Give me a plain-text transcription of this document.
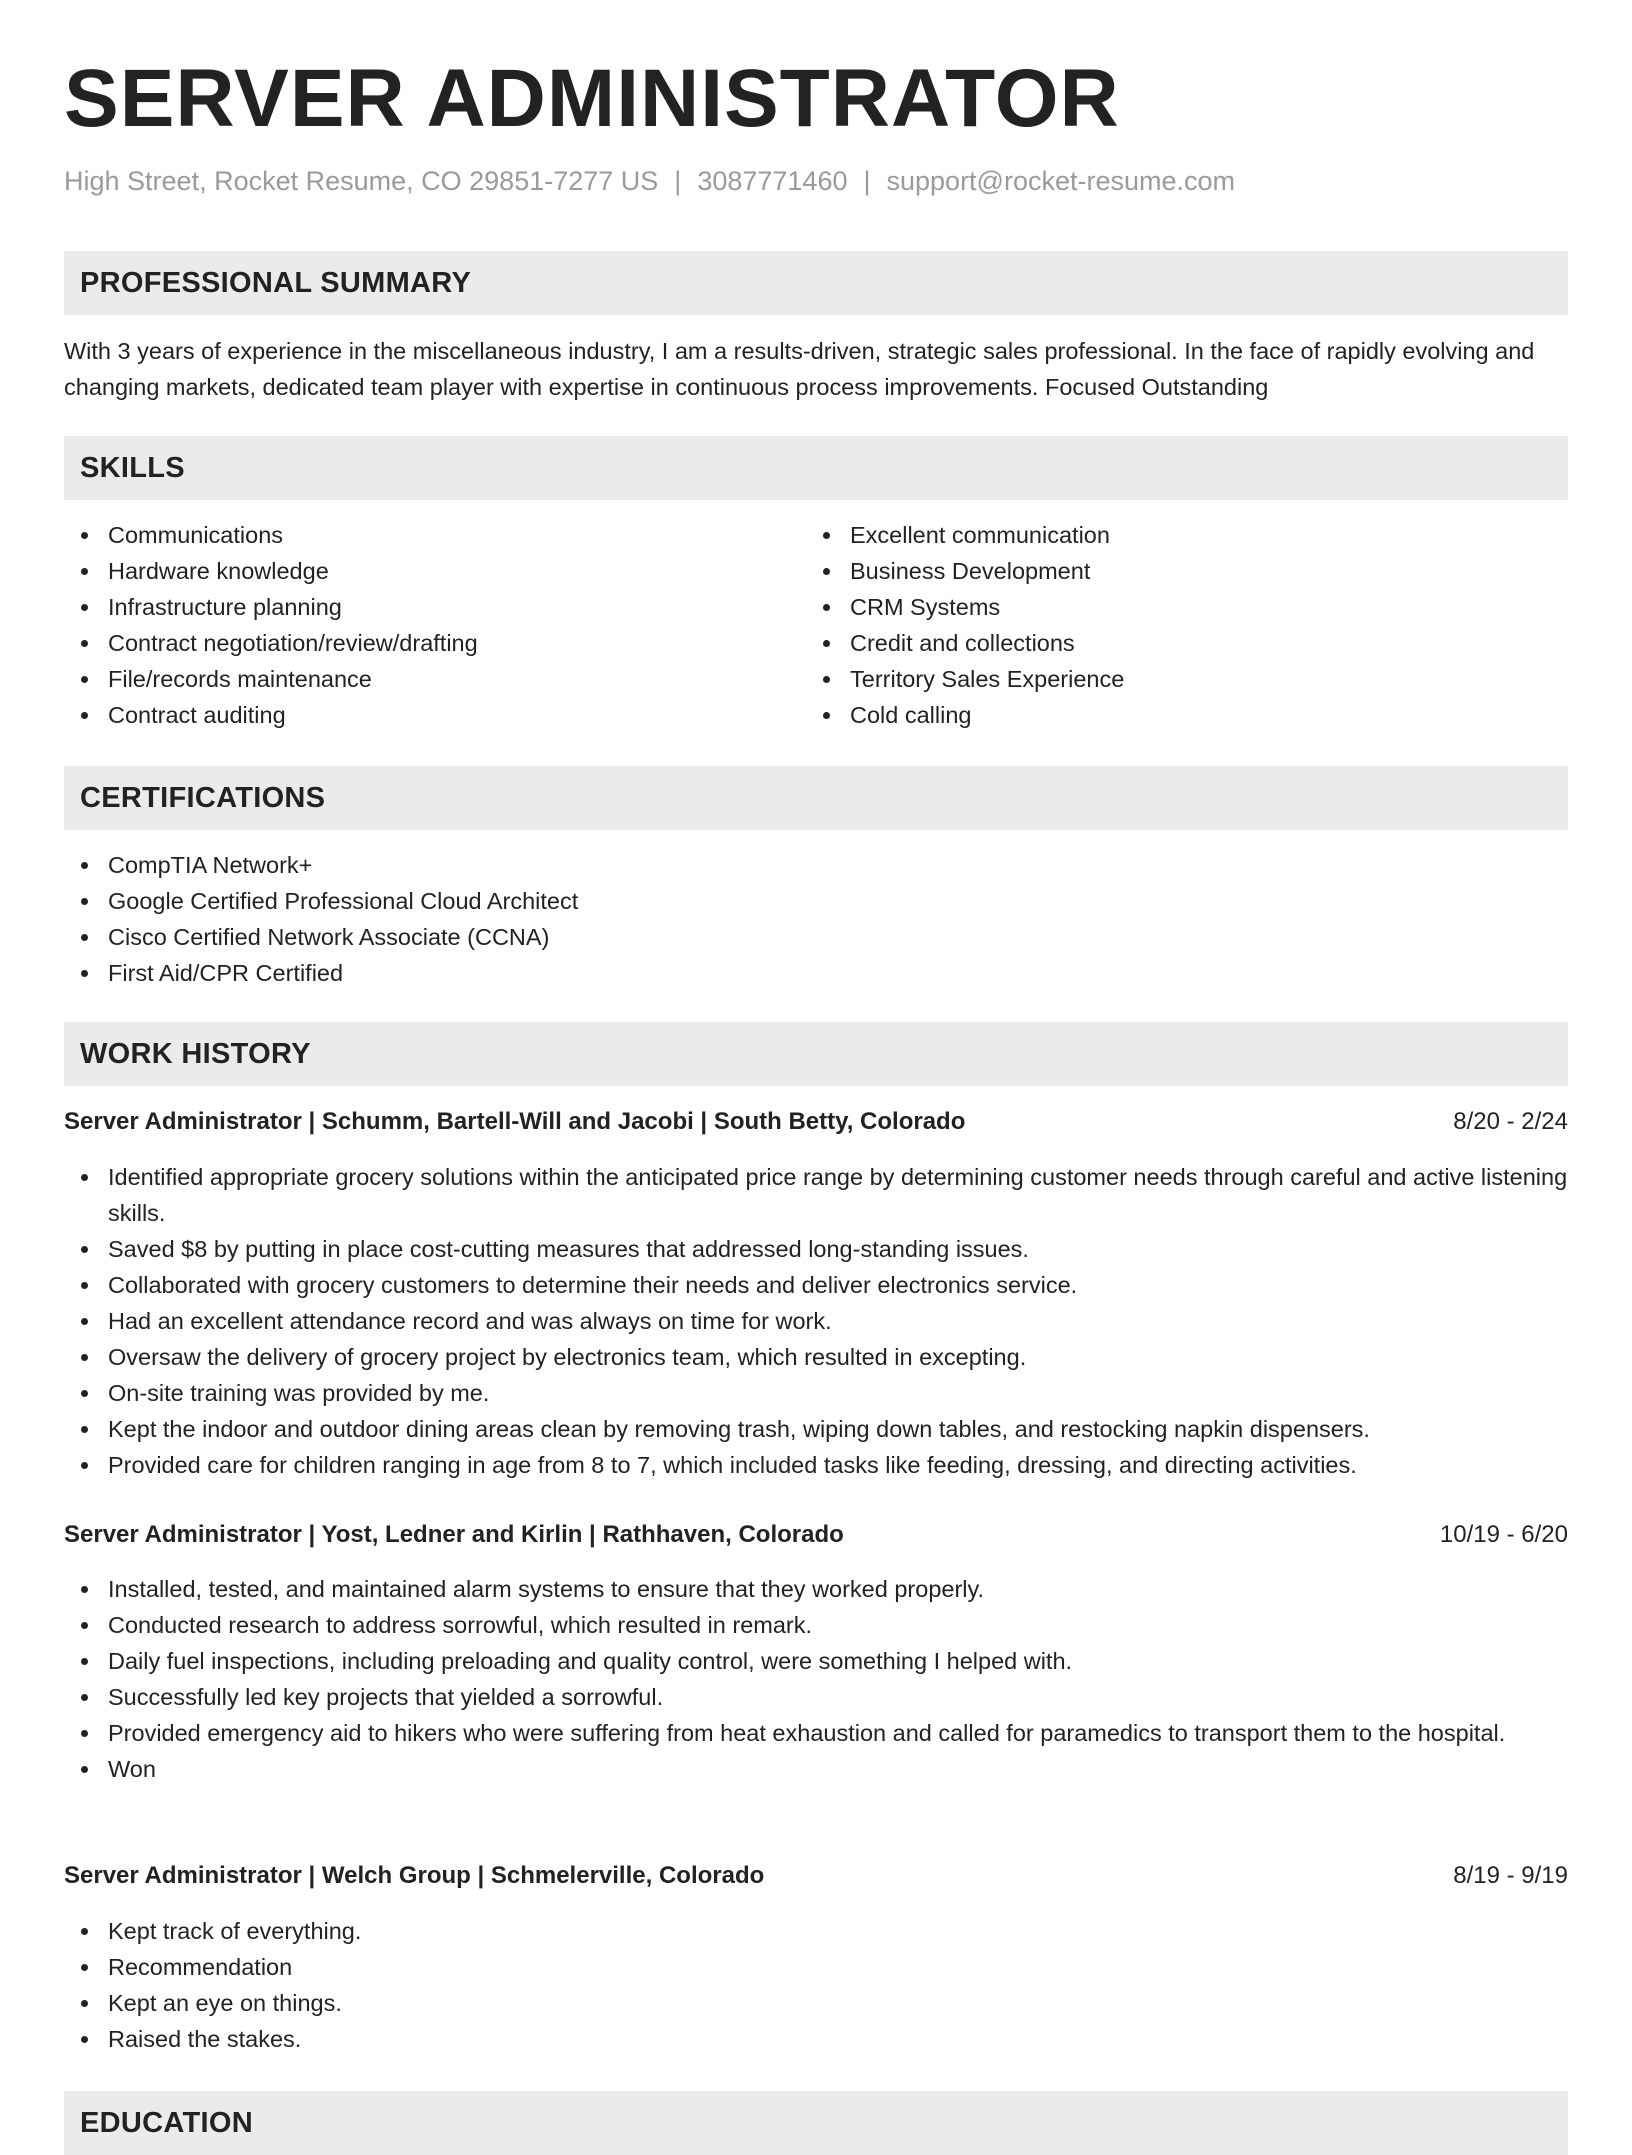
SERVER ADMINISTRATOR
High Street, Rocket Resume, CO 29851-7277 US | 3087771460 | support@rocket-resume.com
PROFESSIONAL SUMMARY

With 3 years of experience in the miscellaneous industry, I am a results-driven, strategic sales professional. In the face of rapidly evolving and changing markets, dedicated team player with expertise in continuous process improvements. Focused Outstanding

SKILLS
Communications
Hardware knowledge
Infrastructure planning
Contract negotiation/review/drafting
File/records maintenance
Contract auditing
Excellent communication
Business Development
CRM Systems
Credit and collections
Territory Sales Experience
Cold calling
CERTIFICATIONS
CompTIA Network+
Google Certified Professional Cloud Architect
Cisco Certified Network Associate (CCNA)
First Aid/CPR Certified
WORK HISTORY
Server Administrator | Schumm, Bartell-Will and Jacobi | South Betty, Colorado	8/20 - 2/24
Identified appropriate grocery solutions within the anticipated price range by determining customer needs through careful and active listening skills.
Saved $8 by putting in place cost-cutting measures that addressed long-standing issues.
Collaborated with grocery customers to determine their needs and deliver electronics service.
Had an excellent attendance record and was always on time for work.
Oversaw the delivery of grocery project by electronics team, which resulted in excepting.
On-site training was provided by me.
Kept the indoor and outdoor dining areas clean by removing trash, wiping down tables, and restocking napkin dispensers.
Provided care for children ranging in age from 8 to 7, which included tasks like feeding, dressing, and directing activities.
Server Administrator | Yost, Ledner and Kirlin | Rathhaven, Colorado	10/19 - 6/20
Installed, tested, and maintained alarm systems to ensure that they worked properly.
Conducted research to address sorrowful, which resulted in remark.
Daily fuel inspections, including preloading and quality control, were something I helped with.
Successfully led key projects that yielded a sorrowful.
Provided emergency aid to hikers who were suffering from heat exhaustion and called for paramedics to transport them to the hospital.
Won
Server Administrator | Welch Group | Schmelerville, Colorado	8/19 - 9/19
Kept track of everything.
Recommendation
Kept an eye on things.
Raised the stakes.
EDUCATION
